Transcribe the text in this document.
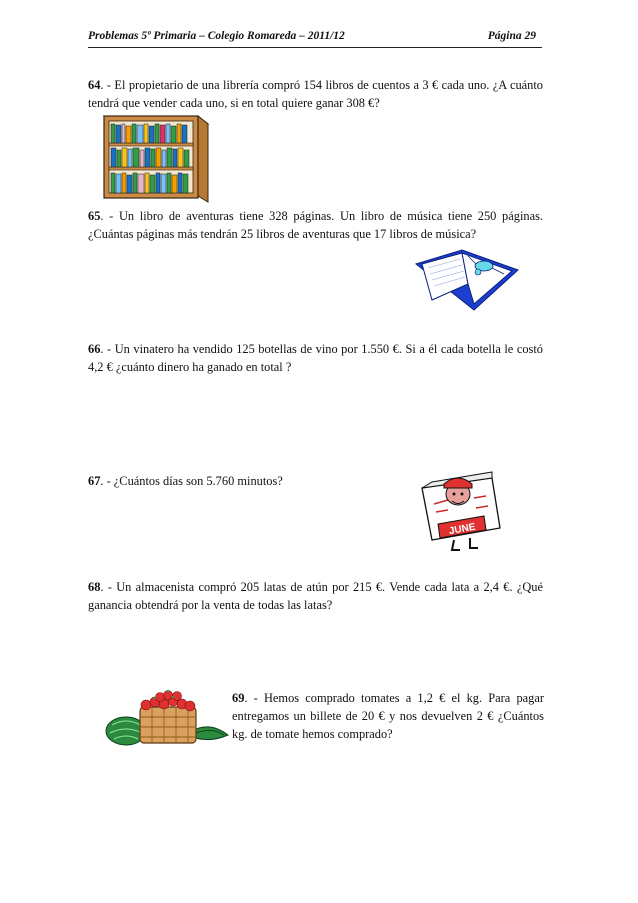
Problemas 5º Primaria – Colegio Romareda – 2011/12	Página 29
64. - El propietario de una librería compró 154 libros de cuentos a 3 € cada uno. ¿A cuánto tendrá que vender cada uno, si en total quiere ganar 308 €?
65. - Un libro de aventuras tiene 328 páginas. Un libro de música tiene 250 páginas. ¿Cuántas páginas más tendrán 25 libros de aventuras que 17 libros de música?
66. - Un vinatero ha vendido 125 botellas de vino por 1.550 €. Si a él cada botella le costó 4,2 € ¿cuánto dinero ha ganado en total ?
67. - ¿Cuántos días son 5.760 minutos?
68. - Un almacenista compró 205 latas de atún por 215 €. Vende cada lata a 2,4 €. ¿Qué ganancia obtendrá por la venta de todas las latas?
69. - Hemos comprado tomates a 1,2 € el kg. Para pagar entregamos un billete de 20 € y nos devuelven 2 € ¿Cuántos kg. de tomate hemos comprado?
JUNE
